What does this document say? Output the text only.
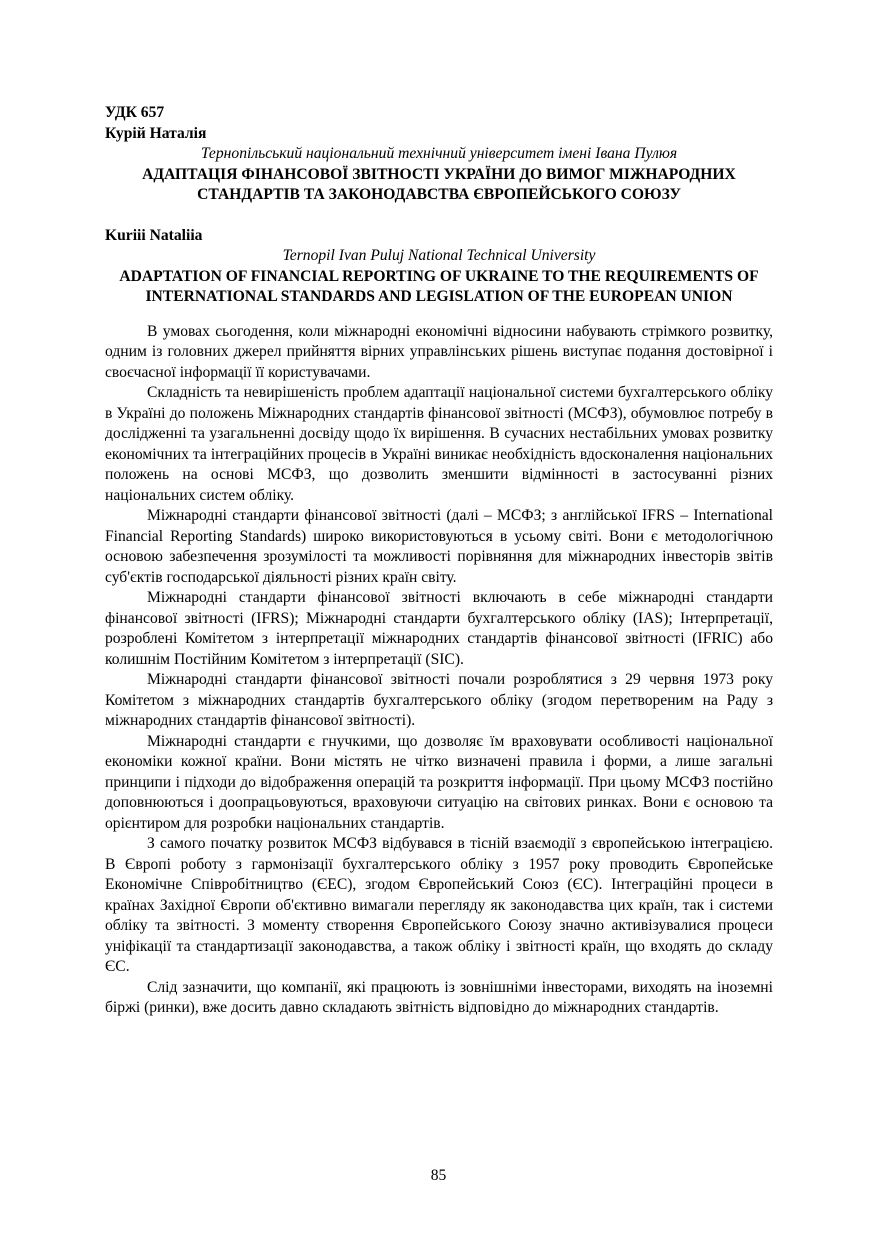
УДК 657
Курій Наталія
Тернопільський національний технічний університет імені Івана Пулюя
АДАПТАЦІЯ ФІНАНСОВОЇ ЗВІТНОСТІ УКРАЇНИ ДО ВИМОГ МІЖНАРОДНИХ СТАНДАРТІВ ТА ЗАКОНОДАВСТВА ЄВРОПЕЙСЬКОГО СОЮЗУ
Kuriii Nataliia
Ternopil Ivan Puluj National Technical University
ADAPTATION OF FINANCIAL REPORTING OF UKRAINE TO THE REQUIREMENTS OF INTERNATIONAL STANDARDS AND LEGISLATION OF THE EUROPEAN UNION

В умовах сьогодення, коли міжнародні економічні відносини набувають стрімкого розвитку, одним із головних джерел прийняття вірних управлінських рішень виступає подання достовірної і своєчасної інформації її користувачами.

Складність та невирішеність проблем адаптації національної системи бухгалтерського обліку в Україні до положень Міжнародних стандартів фінансової звітності (МСФЗ), обумовлює потребу в дослідженні та узагальненні досвіду щодо їх вирішення. В сучасних нестабільних умовах розвитку економічних та інтеграційних процесів в Україні виникає необхідність вдосконалення національних положень на основі МСФЗ, що дозволить зменшити відмінності в застосуванні різних національних систем обліку.

Міжнародні стандарти фінансової звітності (далі – МСФЗ; з англійської IFRS – International Financial Reporting Standards) широко використовуються в усьому світі. Вони є методологічною основою забезпечення зрозумілості та можливості порівняння для міжнародних інвесторів звітів суб'єктів господарської діяльності різних країн світу.

Міжнародні стандарти фінансової звітності включають в себе міжнародні стандарти фінансової звітності (IFRS); Міжнародні стандарти бухгалтерського обліку (IAS); Інтерпретації, розроблені Комітетом з інтерпретації міжнародних стандартів фінансової звітності (IFRIC) або колишнім Постійним Комітетом з інтерпретації (SIC).

Міжнародні стандарти фінансової звітності почали розроблятися з 29 червня 1973 року Комітетом з міжнародних стандартів бухгалтерського обліку (згодом перетвореним на Раду з міжнародних стандартів фінансової звітності).

Міжнародні стандарти є гнучкими, що дозволяє їм враховувати особливості національної економіки кожної країни. Вони містять не чітко визначені правила і форми, а лише загальні принципи і підходи до відображення операцій та розкриття інформації. При цьому МСФЗ постійно доповнюються і доопрацьовуються, враховуючи ситуацію на світових ринках. Вони є основою та орієнтиром для розробки національних стандартів.

З самого початку розвиток МСФЗ відбувався в тісній взаємодії з європейською інтеграцією. В Європі роботу з гармонізації бухгалтерського обліку з 1957 року проводить Європейське Економічне Співробітництво (ЄЕС), згодом Європейський Союз (ЄС). Інтеграційні процеси в країнах Західної Європи об'єктивно вимагали перегляду як законодавства цих країн, так і системи обліку та звітності. З моменту створення Європейського Союзу значно активізувалися процеси уніфікації та стандартизації законодавства, а також обліку і звітності країн, що входять до складу ЄС.

Слід зазначити, що компанії, які працюють із зовнішніми інвесторами, виходять на іноземні біржі (ринки), вже досить давно складають звітність відповідно до міжнародних стандартів.

85
